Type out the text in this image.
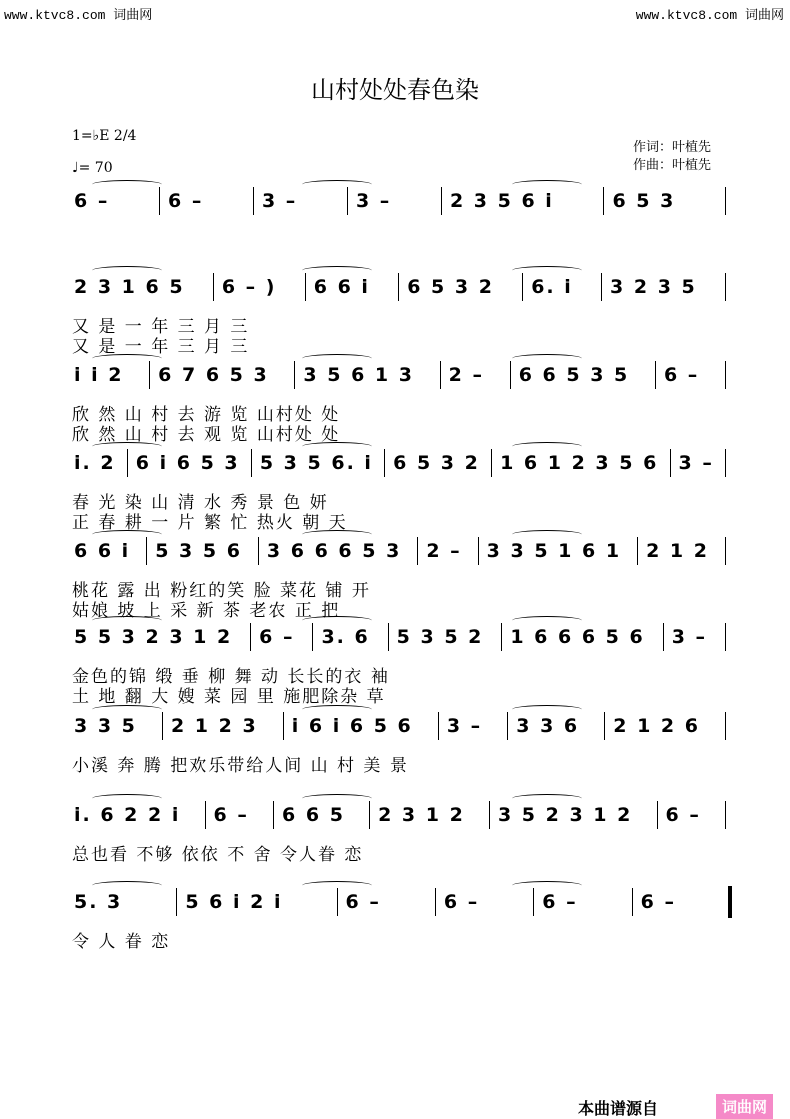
www.ktvc8.com 词曲网	www.ktvc8.com 词曲网
山村处处春色染
1=♭E 2/4
♩= 70
作词：叶植先
作曲：叶植先
6 –	6 –	3 –	3 –	2 3 5 6 i	6 5 3
2 3 1 6 5	6 – )	6 6 i	6 5 3 2	6. i	3 2 3 5
又 是 一 年 三 月 三
又 是 一 年 三 月 三
i i 2	6 7 6 5 3	3 5 6 1 3	2 –	6 6 5 3 5	6 –
欣 然 山 村 去 游 览 山村处 处
欣 然 山 村 去 观 览 山村处 处
i. 2 6 i 6 5 3 5 3 5 6. i 6 5 3 2 1 6 1 2 3 5 6 3 –
春 光 染 山 清 水 秀 景 色 妍
正 春 耕 一 片 繁 忙 热火 朝 天
6 6 i	5 3 5 6	3 6 6 6 5 3	2 –	3 3 5 1 6 1	2 1 2
桃花 露 出 粉红的笑 脸 菜花 铺 开
姑娘 坡 上 采 新 茶 老农 正 把
5 5 3 2 3 1 2	6 –	3. 6	5 3 5 2	1 6 6 6 5 6	3 –
金色的锦 缎 垂 柳 舞 动 长长的衣 袖
土 地 翻 大 嫂 菜 园 里 施肥除杂 草
3 3 5	2 1 2 3	i 6 i 6 5 6	3 –	3 3 6	2 1 2 6
小溪 奔 腾 把欢乐带给人间 山 村 美 景
i. 6 2 2 i	6 –	6 6 5	2 3 1 2	3 5 2 3 1 2	6 –
总也看 不够 依依 不 舍 令人眷 恋
5. 3	5 6 i 2 i	6 –	6 –	6 –	6 –
令 人 眷 恋
本曲谱源自	词曲网
